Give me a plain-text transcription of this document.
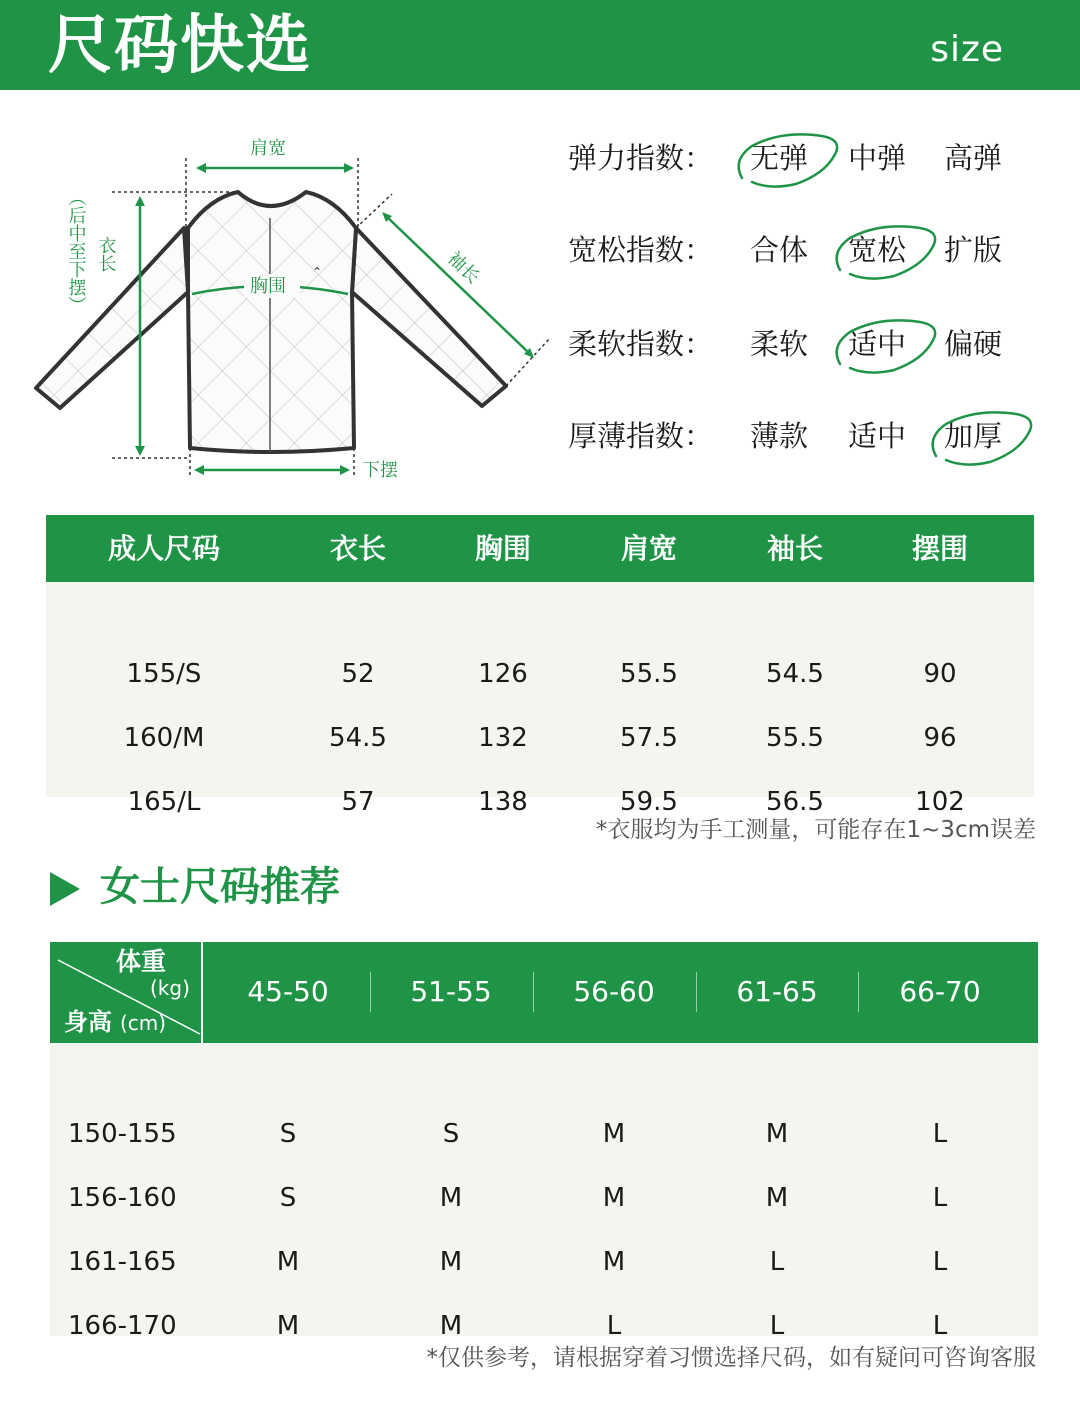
尺码快选	size
⌃
肩宽
衣长
（后中至下摆）	胸围	袖长
下摆
弹力指数： 无弹	中弹	高弹
宽松指数： 合体	宽松	扩版
柔软指数： 柔软	适中	偏硬
厚薄指数： 薄款	适中	加厚
成人尺码	衣长	胸围	肩宽	袖长	摆围
155/S	52	126	55.5	54.5	90
160/M	54.5	132	57.5	55.5	96
165/L	57	138	59.5	56.5	102
*衣服均为手工测量，可能存在1~3cm误差
女士尺码推荐
体重
(kg)
身高 (cm)
45-50	51-55	56-60	61-65	66-70
150-155	S	S	M	M	L
156-160	S	M	M	M	L
161-165	M	M	M	L	L
166-170	M	M	L	L	L
*仅供参考，请根据穿着习惯选择尺码，如有疑问可咨询客服
